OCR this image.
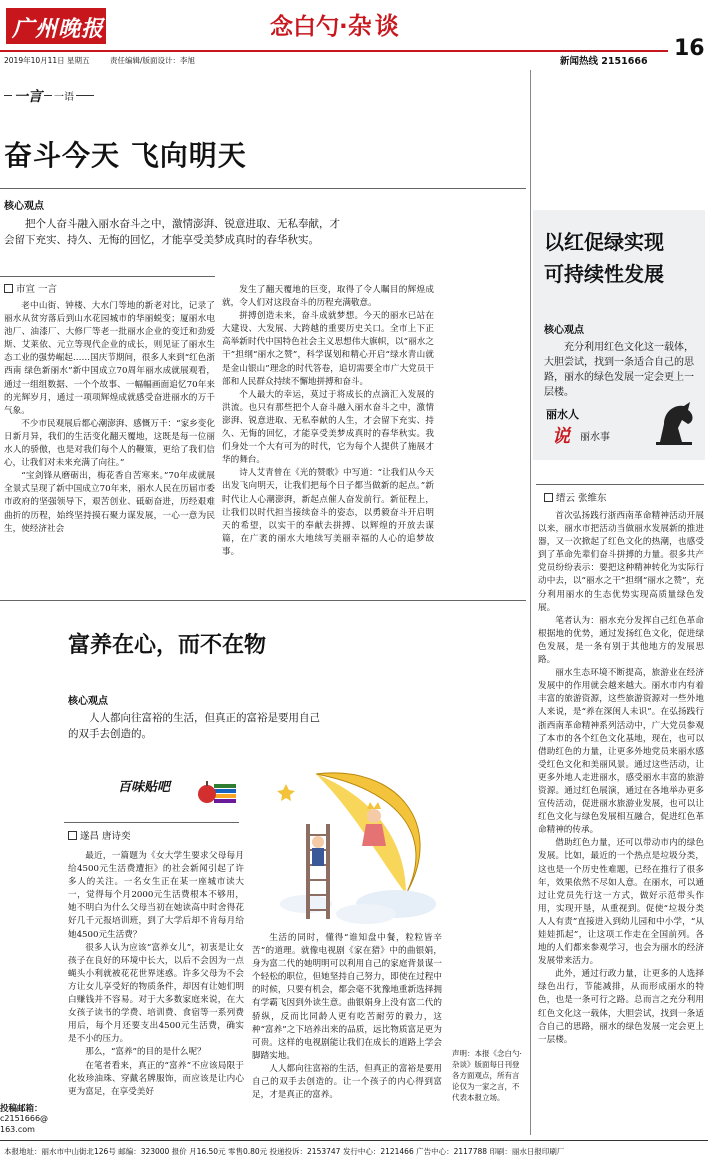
广州晚报	念白勺·杂谈
16
2019年10月11日 星期五	责任编辑/版面设计：李旭	新闻热线 2151666
一言 一语
奋斗今天 飞向明天
核心观点
把个人奋斗融入丽水奋斗之中，激情澎湃、锐意进取、无私奉献，才会留下充实、持久、无悔的回忆，才能享受美梦成真时的春华秋实。
市宣 一言

老中山街、钟楼、大水门等地的新老对比，记录了丽水从贫穷落后到山水花园城市的华丽蜕变；厦丽水电池厂、油漆厂、大修厂等老一批丽水企业的变迁和劲爱斯、艾莱依、元立等现代企业的成长，则见证了丽水生态工业的强势崛起……国庆节期间，很多人来到“红色浙西南 绿色新丽水”新中国成立70周年丽水成就展观看，通过一组组数据、一个个故事、一幅幅画面追忆70年来的光辉岁月，通过一项项辉煌成就感受奋进丽水的万千气象。

不少市民观展后都心潮澎湃、感慨万千：“家乡变化日新月异，我们的生活变化翻天覆地，这既是每一位丽水人的骄傲，也是对我们每个人的鞭策，更给了我们信心，让我们对未来充满了向往。”

“宝剑锋从磨砺出，梅花香自苦寒来。”70年成就展全景式呈现了新中国成立70年来，丽水人民在历届市委市政府的坚强领导下，艰苦创业、砥砺奋进，历经艰难曲折的历程，始终坚持摸石聚力谋发展，一心一意为民生，使经济社会

发生了翻天覆地的巨变，取得了令人瞩目的辉煌成就，令人们对这段奋斗的历程充满敬意。

拼搏创造未来，奋斗成就梦想。今天的丽水已站在大建设、大发展、大跨越的重要历史关口。全市上下正高举新时代中国特色社会主义思想伟大旗帜，以“丽水之干”担纲“丽水之赞”，科学谋划和精心开启“绿水青山就是金山银山”理念的时代答卷，追切需要全市广大党员干部和人民群众持续不懈地拼搏和奋斗。

个人最大的幸运，莫过于将成长的点滴汇入发展的洪流。也只有那些把个人奋斗融入丽水奋斗之中，激情澎湃、锐意进取、无私奉献的人生，才会留下充实、持久、无悔的回忆，才能享受美梦成真时的春华秋实。我们身处一个大有可为的时代，它为每个人提供了施展才华的舞台。

诗人艾青曾在《光的赞歌》中写道：“让我们从今天出发飞向明天，让我们把每个日子都当做新的起点。”新时代让人心潮澎湃，新起点催人奋发前行。新征程上，让我们以时代担当接续奋斗的姿态，以勇毅奋斗开启明天的希望，以实干的奉献去拼搏、以辉煌的开放去谋篇，在广袤的丽水大地续写美丽幸福的人心的追梦故事。

富养在心，而不在物
核心观点
人人都向往富裕的生活，但真正的富裕是要用自己的双手去创造的。
百味贴吧
遂昌 唐诗奕

最近，一篇题为《女大学生要求父母每月给4500元生活费遭拒》的社会新闻引起了许多人的关注。一名女生正在某一座城市读大一，觉得每个月2000元生活费根本不够用，她不明白为什么父母当初在她读高中时舍得花好几千元报培训班，到了大学后却不肯每月给她4500元生活费？

很多人认为应该“富养女儿”，初衷是让女孩子在良好的环境中长大，以后不会因为一点蝇头小利就被花花世界迷惑。许多父母为不会方让女儿享受好的物质条件，却因有让她们明白赚钱并不容易。对于大多数家庭来说，在大女孩子读书的学费、培训费、食宿等一系列费用后，每个月还要支出4500元生活费，确实是不小的压力。

那么，“富养”的目的是什么呢？

在笔者看来，真正的“富养”不应该局限于化妆珍油珠、穿戴名牌服饰，而应该是让内心更为富足，在享受美好

生活的同时，懂得“谁知盘中餐，粒粒皆辛苦”的道理。就像电视剧《家在猎》中的曲银娟，身为富二代的她明明可以利用自己的家庭背景谋一个轻松的职位，但她坚持自己努力，即使在过程中的时候，只要有机会，都会毫不犹豫地重新选择拥有学霸飞因到外读生意。曲银娟身上没有富二代的骄纵，反而比同龄人更有吃苦耐劳的毅力，这种“富养”之下培养出来的品质，远比物质富足更为可贵。这样的电视剧能让我们在成长的道路上学会脚踏实地。

人人都向往富裕的生活，但真正的富裕是要用自己的双手去创造的。让一个孩子的内心得到富足，才是真正的富养。

声明：本报《念白勺·杂谈》版面每日刊登各方面观点，所有言论仅为一家之言，不代表本报立场。
投稿邮箱：
c2151666@
163.com
以红促绿实现
可持续性发展
核心观点
充分利用红色文化这一载体，大胆尝试，找到一条适合自己的思路，丽水的绿色发展一定会更上一层楼。
丽水人
说 丽水事
缙云 张维东

首次弘扬践行浙西南革命精神活动开展以来，丽水市把活动当做丽水发展新的推进器，又一次掀起了红色文化的热潮，也感受到了革命先辈们奋斗拼搏的力量。很多共产党员纷纷表示：要把这种精神转化为实际行动中去，以“丽水之干”担纲“丽水之赞”，充分利用丽水的生态优势实现高质量绿色发展。

笔者认为：丽水充分发挥自己红色革命根据地的优势，通过发扬红色文化，促进绿色发展，是一条有别于其他地方的发展思路。

丽水生态环境不断提高，旅游业在经济发展中的作用就会越来越大。丽水市内有着丰富的旅游资源，这些旅游资源对一些外地人来说，是“养在深闺人未识”。在弘扬践行浙西南革命精神系列活动中，广大党员参观了本市的各个红色文化基地，现在，也可以借助红色的力量，让更多外地党员来丽水感受红色文化和美丽风景。通过这些活动，让更多外地人走进丽水，感受丽水丰富的旅游资源。通过红色展演，通过在各地举办更多宣传活动，促进丽水旅游业发展，也可以让红色文化与绿色发展相互融合，促进红色革命精神的传承。

借助红色力量，还可以带动市内的绿色发展。比如，最近的一个热点是垃圾分类，这也是一个历史性难题，已经在推行了很多年，效果依然不尽如人意。在丽水，可以通过让党员先行这一方式，做好示范带头作用，实现开垦，从重视到。促使“垃圾分类人人有责”直接进入到幼儿园和中小学，“从娃娃抓起”，让这项工作走在全国前列。各地的人们都来参观学习，也会为丽水的经济发展带来活力。

此外，通过行政力量，让更多的人选择绿色出行，节能减排，从而形成丽水的特色，也是一条可行之路。总而言之充分利用红色文化这一载体，大胆尝试，找到一条适合自己的思路，丽水的绿色发展一定会更上一层楼。

本报地址：丽水市中山街北126号 邮编：323000 报价 月16.50元 零售0.80元 投递投诉：2153747 发行中心：2121466 广告中心：2117788 印刷：丽水日报印刷厂
